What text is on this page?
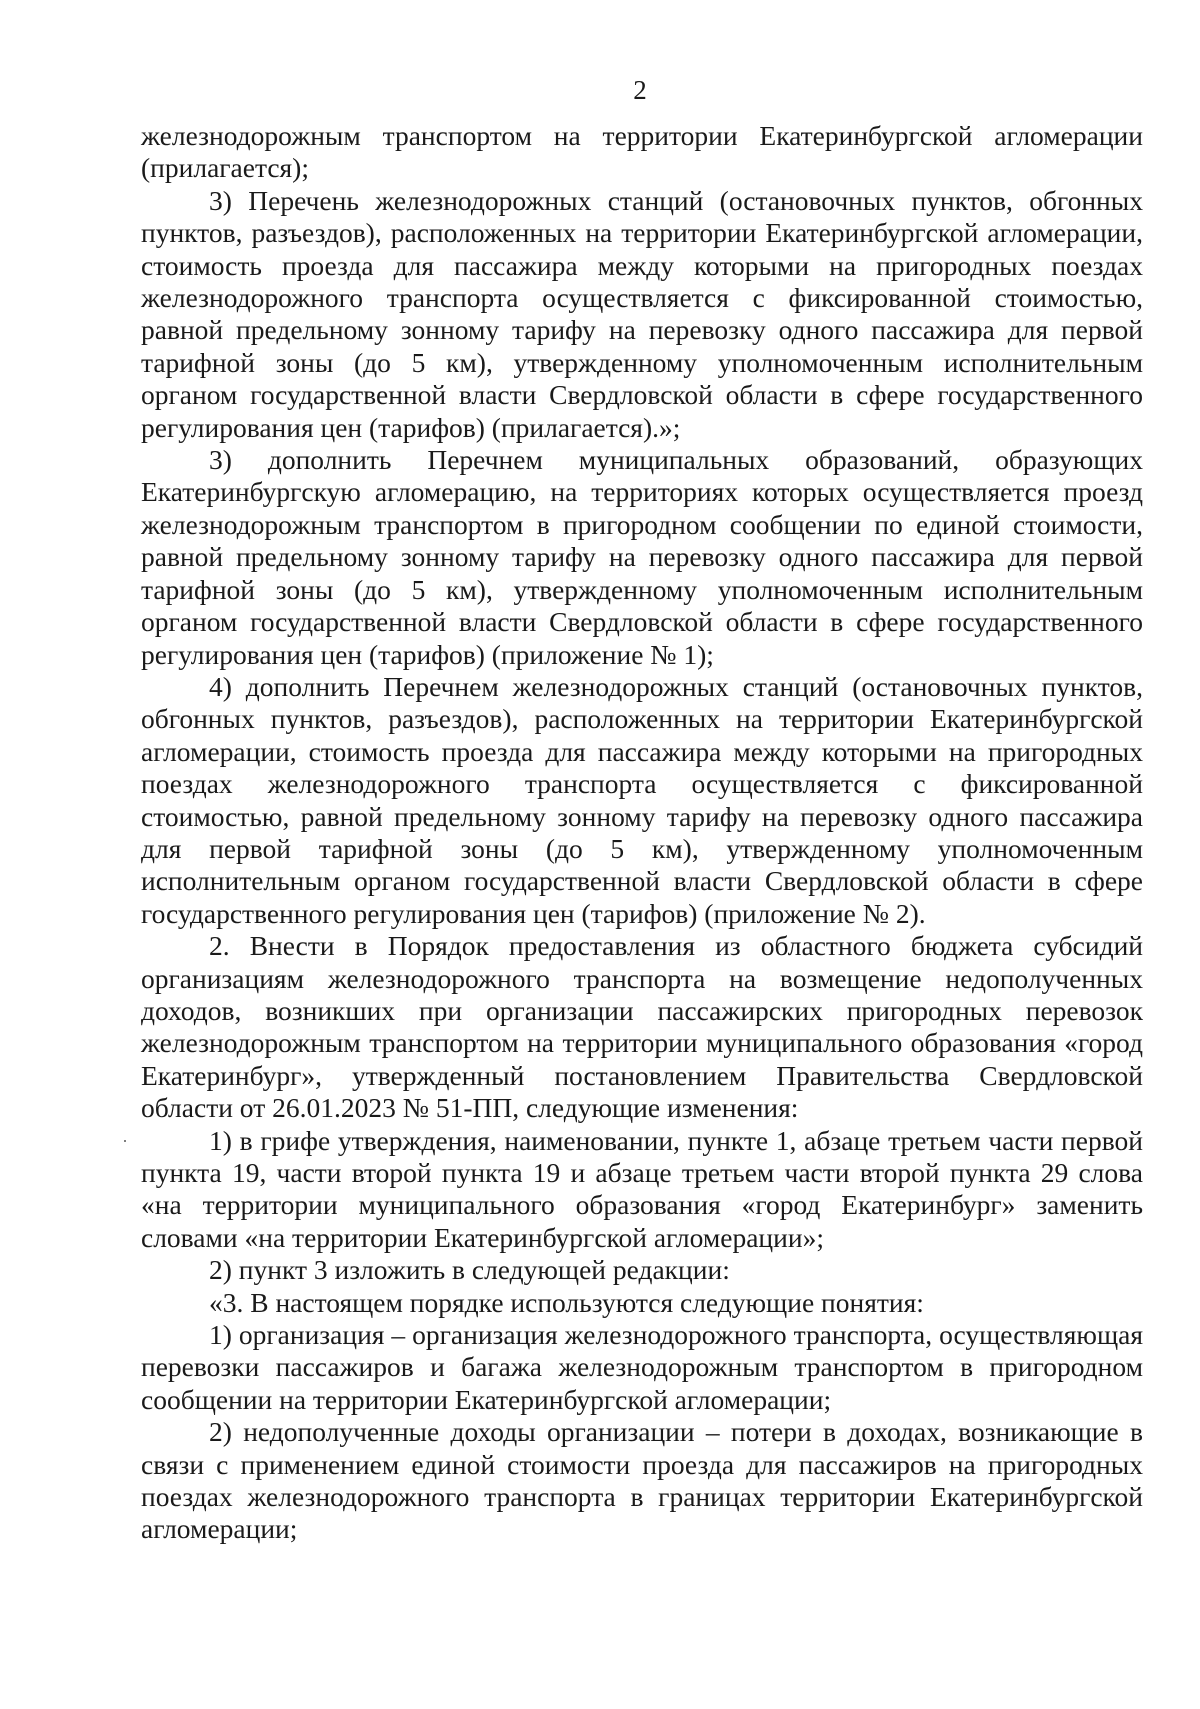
2

железнодорожным транспортом на территории Екатеринбургской агломерации (прилагается);

3) Перечень железнодорожных станций (остановочных пунктов, обгонных пунктов, разъездов), расположенных на территории Екатеринбургской агломерации, стоимость проезда для пассажира между которыми на пригородных поездах железнодорожного транспорта осуществляется с фиксированной стоимостью, равной предельному зонному тарифу на перевозку одного пассажира для первой тарифной зоны (до 5 км), утвержденному уполномоченным исполнительным органом государственной власти Свердловской области в сфере государственного регулирования цен (тарифов) (прилагается).»;

3) дополнить Перечнем муниципальных образований, образующих Екатеринбургскую агломерацию, на территориях которых осуществляется проезд железнодорожным транспортом в пригородном сообщении по единой стоимости, равной предельному зонному тарифу на перевозку одного пассажира для первой тарифной зоны (до 5 км), утвержденному уполномоченным исполнительным органом государственной власти Свердловской области в сфере государственного регулирования цен (тарифов) (приложение № 1);

4) дополнить Перечнем железнодорожных станций (остановочных пунктов, обгонных пунктов, разъездов), расположенных на территории Екатеринбургской агломерации, стоимость проезда для пассажира между которыми на пригородных поездах железнодорожного транспорта осуществляется с фиксированной стоимостью, равной предельному зонному тарифу на перевозку одного пассажира для первой тарифной зоны (до 5 км), утвержденному уполномоченным исполнительным органом государственной власти Свердловской области в сфере государственного регулирования цен (тарифов) (приложение № 2).

2. Внести в Порядок предоставления из областного бюджета субсидий организациям железнодорожного транспорта на возмещение недополученных доходов, возникших при организации пассажирских пригородных перевозок железнодорожным транспортом на территории муниципального образования «город Екатеринбург», утвержденный постановлением Правительства Свердловской области от 26.01.2023 № 51-ПП, следующие изменения:

1) в грифе утверждения, наименовании, пункте 1, абзаце третьем части первой пункта 19, части второй пункта 19 и абзаце третьем части второй пункта 29 слова «на территории муниципального образования «город Екатеринбург» заменить словами «на территории Екатеринбургской агломерации»;

2) пункт 3 изложить в следующей редакции:

«3. В настоящем порядке используются следующие понятия:

1) организация – организация железнодорожного транспорта, осуществляющая перевозки пассажиров и багажа железнодорожным транспортом в пригородном сообщении на территории Екатеринбургской агломерации;

2) недополученные доходы организации – потери в доходах, возникающие в связи с применением единой стоимости проезда для пассажиров на пригородных поездах железнодорожного транспорта в границах территории Екатеринбургской агломерации;
